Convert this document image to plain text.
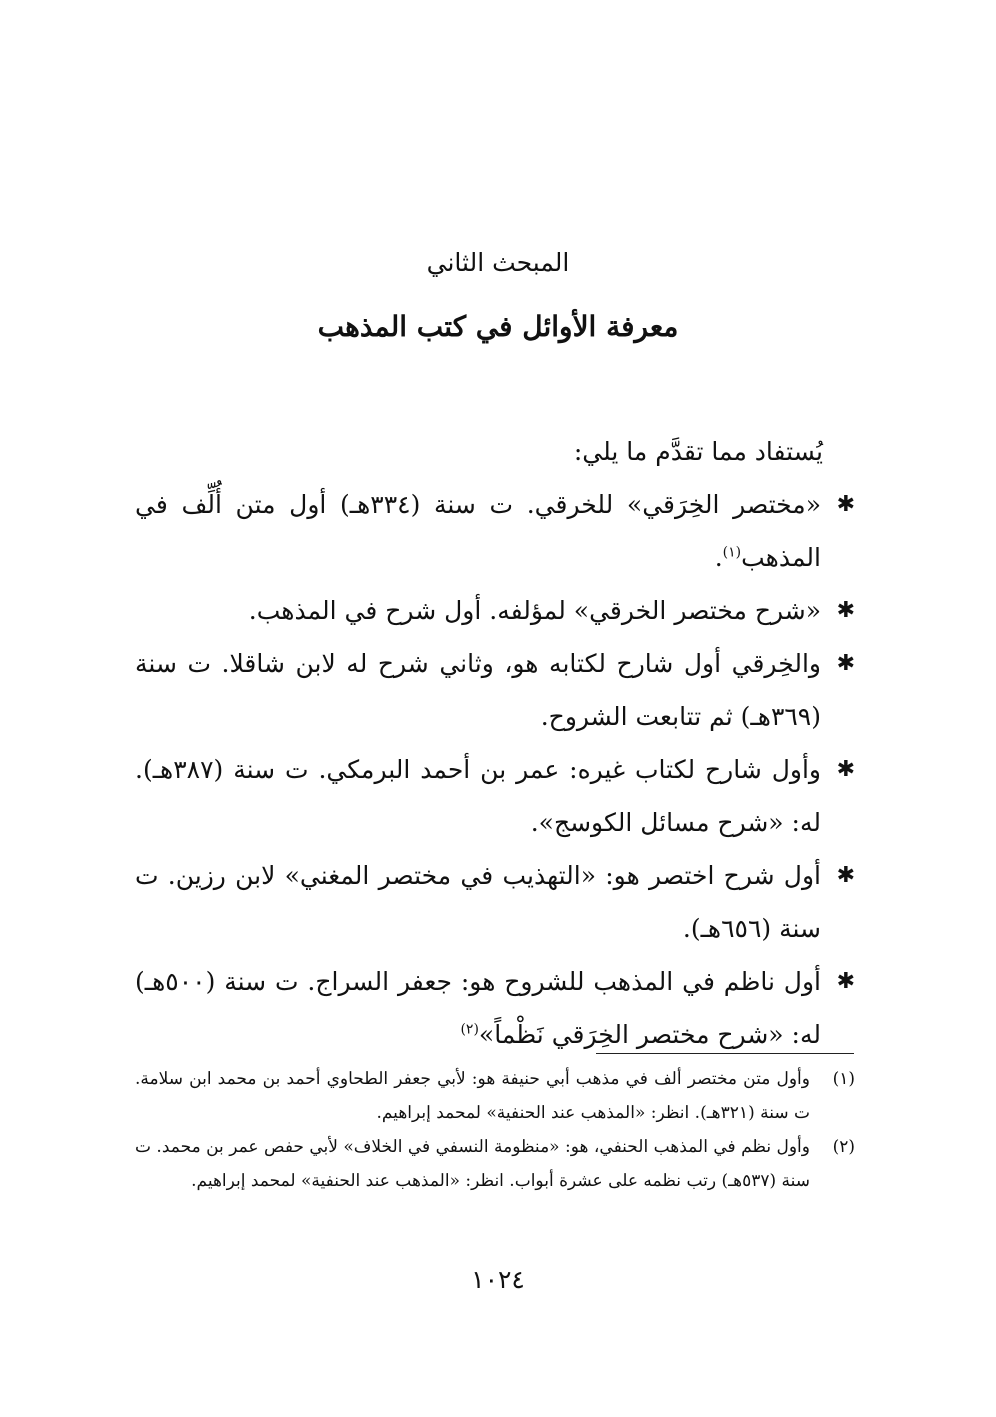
المبحث الثاني
معرفة الأوائل في كتب المذهب
يُستفاد مما تقدَّم ما يلي:
✱
«مختصر الخِرَقي» للخرقي. ت سنة (٣٣٤هـ) أول متن أُلِّف في المذهب$^{(١)}$.
✱
«شرح مختصر الخرقي» لمؤلفه. أول شرح في المذهب.
✱
والخِرقي أول شارح لكتابه هو، وثاني شرح له لابن شاقلا. ت سنة (٣٦٩هـ) ثم تتابعت الشروح.
✱
وأول شارح لكتاب غيره: عمر بن أحمد البرمكي. ت سنة (٣٨٧هـ). له: «شرح مسائل الكوسج».
✱
أول شرح اختصر هو: «التهذيب في مختصر المغني» لابن رزين. ت سنة (٦٥٦هـ).
✱
أول ناظم في المذهب للشروح هو: جعفر السراج. ت سنة (٥٠٠هـ) له: «شرح مختصر الخِرَقي نَظْماً»$^{(٢)}$
(١)
وأول متن مختصر ألف في مذهب أبي حنيفة هو: لأبي جعفر الطحاوي أحمد بن محمد ابن سلامة. ت سنة (٣٢١هـ). انظر: «المذهب عند الحنفية» لمحمد إبراهيم.
(٢)
وأول نظم في المذهب الحنفي، هو: «منظومة النسفي في الخلاف» لأبي حفص عمر بن محمد. ت سنة (٥٣٧هـ) رتب نظمه على عشرة أبواب. انظر: «المذهب عند الحنفية» لمحمد إبراهيم.
١٠٢٤
